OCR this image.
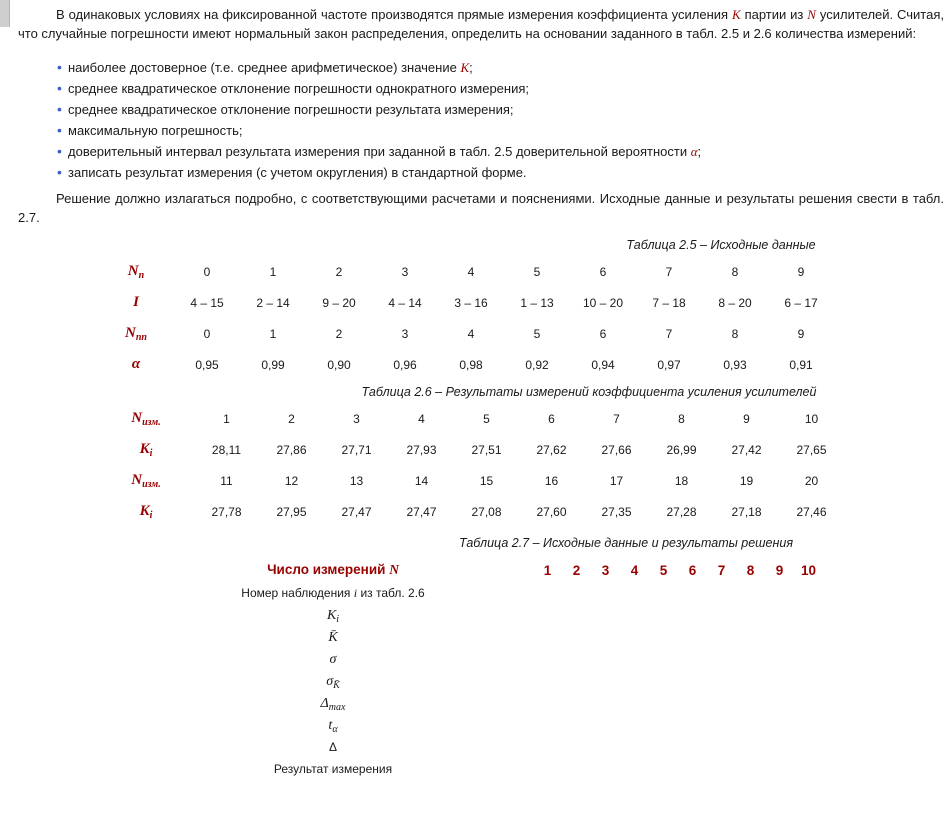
В одинаковых условиях на фиксированной частоте производятся прямые измерения коэффициента усиления K партии из N усилителей. Считая, что случайные погрешности имеют нормальный закон распределения, определить на основании заданного в табл. 2.5 и 2.6 количества измерений:

• наиболее достоверное (т.е. среднее арифметическое) значение K;
• среднее квадратическое отклонение погрешности однократного измерения;
• среднее квадратическое отклонение погрешности результата измерения;
• максимальную погрешность;
• доверительный интервал результата измерения при заданной в табл. 2.5 доверительной вероятности α;
• записать результат измерения (с учетом округления) в стандартной форме.

Решение должно излагаться подробно, с соответствующими расчетами и пояснениями. Исходные данные и результаты решения свести в табл. 2.7.

Таблица 2.5 – Исходные данные
$N_п$	0	1	2	3	4	5	6	7	8	9
I	4 – 15	2 – 14	9 – 20	4 – 14	3 – 16	1 – 13	10 – 20	7 – 18	8 – 20	6 – 17
$N_{пп}$	0	1	2	3	4	5	6	7	8	9
α	0,95	0,99	0,90	0,96	0,98	0,92	0,94	0,97	0,93	0,91
Таблица 2.6 – Результаты измерений коэффициента усиления усилителей
$N_{изм.}$	1	2	3	4	5	6	7	8	9	10
$K_i$	28,11	27,86	27,71	27,93	27,51	27,62	27,66	26,99	27,42	27,65
$N_{изм.}$	11	12	13	14	15	16	17	18	19	20
$K_i$	27,78	27,95	27,47	27,47	27,08	27,60	27,35	27,28	27,18	27,46
Таблица 2.7 – Исходные данные и результаты решения
Число измерений N	1	2	3	4	5	6	7	8	9	10
Номер наблюдения i из табл. 2.6
$K_i$
K̄
σ
$\sigma_{K̄}$
$\Delta_{max}$
$t_\alpha$
Δ
Результат измерения
